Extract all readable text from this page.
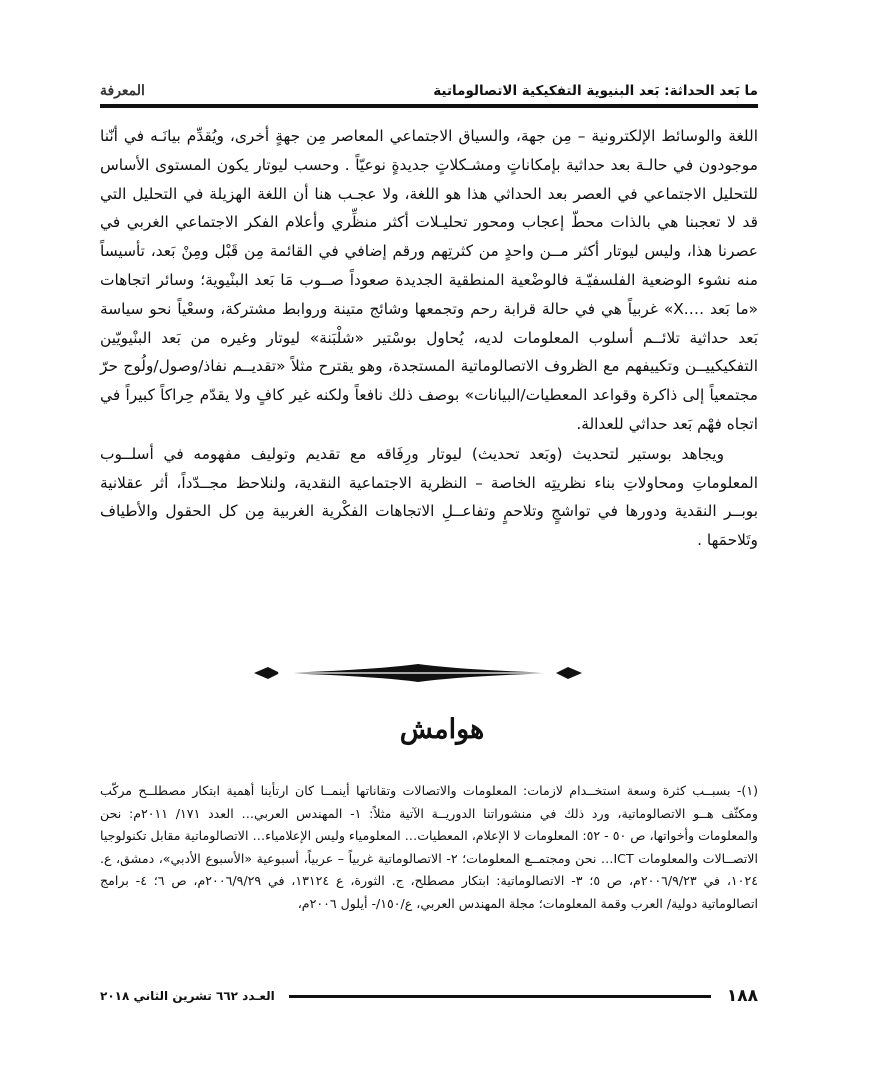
ما بَعد الحداثة: بَعد البنيوية التفكيكية الاتصالوماتية
المعرفة

اللغة والوسائط الإلكترونية – مِن جهة، والسياق الاجتماعي المعاصر مِن جهةٍ أخرى، ويُقدِّم بيانَـه في أنّنا موجودون في حالـة بعد حداثية بإمكاناتٍ ومشـكلاتٍ جديدةٍ نوعيّاً . وحسب ليوتار يكون المستوى الأساس للتحليل الاجتماعي في العصر بعد الحداثي هذا هو اللغة، ولا عجـب هنا أن اللغة الهزيلة في التحليل التي قد لا تعجبنا هي بالذات محطّ إعجاب ومحور تحليـلات أكثر منظِّري وأعلام الفكر الاجتماعي الغربي في عصرنا هذا، وليس ليوتار أكثر مــن واحدٍ من كثرتِهم ورقم إضافي في القائمة مِن قَبْل ومِنْ بَعد، تأسيساً منه نشوء الوضعية الفلسفيّـة فالوضْعية المنطقية الجديدة صعوداً صــوب مَا بَعد البنْيوية؛ وسائر اتجاهات «ما بَعد ….X» غربياً هي في حالة قرابة رحم وتجمعها وشائج متينة وروابط مشتركة، وسعْياً نحو سياسة بَعد حداثية تلائــم أسلوب المعلومات لديه، يُحاول بوسْتير «شلْبَنة» ليوتار وغيره من بَعد البنْيويّين التفكيكييــن وتكييفهم مع الظروف الاتصالوماتية المستجدة، وهو يقترح مثلاً «تقديــم نفاذ/وصول/ولُوج حرّ مجتمعياً إلى ذاكرة وقواعد المعطيات/البيانات» بوصف ذلك نافعاً ولكنه غير كافٍ ولا يقدّم حِراكاً كبيراً في اتجاه فهْم بَعد حداثي للعدالة.

ويجاهد بوستير لتحديث (وبَعد تحديث) ليوتار ورِفَاقه مع تقديم وتوليف مفهومه في أسلــوب المعلوماتِ ومحاولاتِ بناء نظريتِه الخاصة – النظرية الاجتماعية النقدية، ولنلاحظ مجــدّداً، أثر عقلانية بوبــر النقدية ودورها في تواشجٍ وتلاحمٍ وتفاعــلِ الاتجاهات الفكْرية الغربية مِن كل الحقول والأطياف وتَلاحمَها .

هوامش

(١)- بسبــب كثرة وسعة استخــدام لازمات: المعلومات والاتصالات وتقاناتها أينمــا كان ارتأينا أهمية ابتكار مصطلــح مركّب ومكثّف هــو الاتصالوماتية، ورد ذلك في منشوراتنا الدوريــة الآتية مثلاً: ١- المهندس العربي… العدد ١٧١/ ٢٠١١م: نحن والمعلومات وأخواتها، ص ٥٠ - ٥٢: المعلومات لا الإعلام، المعطيات… المعلومياء وليس الإعلامياء… الاتصالوماتية مقابل تكنولوجيا الاتصــالات والمعلومات ICT… نحن ومجتمــع المعلومات؛ ٢- الاتصالوماتية غربياً – عربياً، أسبوعية «الأسبوع الأدبي»، دمشق، ع. ١٠٢٤، في ٢٠٠٦/٩/٢٣م، ص ٥؛ ٣- الاتصالوماتية: ابتكار مصطلح، ج. الثورة، ع ١٣١٢٤، في ٢٠٠٦/٩/٢٩م، ص ٦؛ ٤- برامج اتصالوماتية دولية/ العرب وقمة المعلومات؛ مجلة المهندس العربي، ع/١٥٠/- أيلول ٢٠٠٦م،

١٨٨
العـدد ٦٦٢ تشرين الثاني ٢٠١٨
